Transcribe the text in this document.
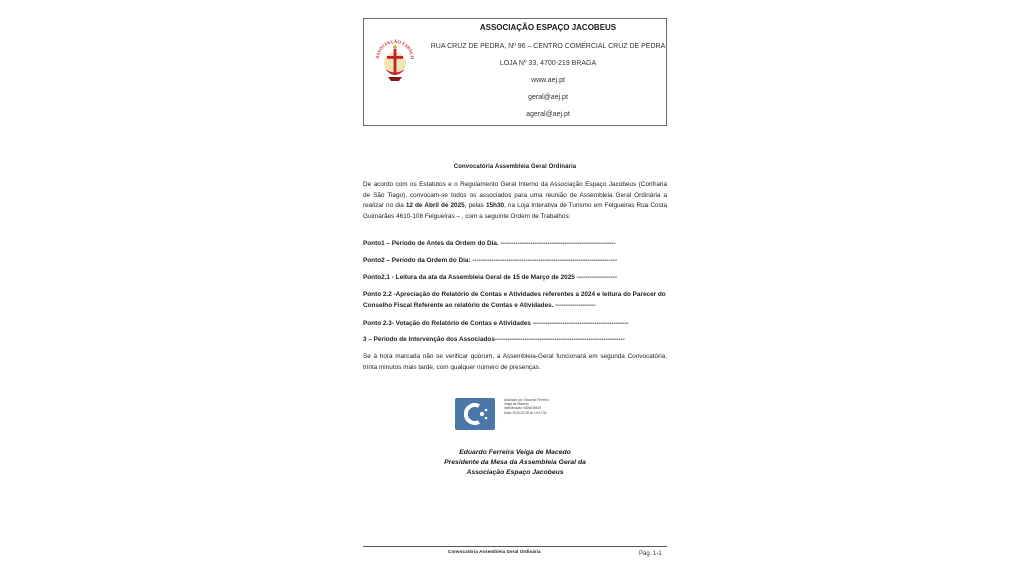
ASSOCIAÇÃO ESPAÇO
ASSOCIAÇÃO ESPAÇO JACOBEUS
RUA CRUZ DE PEDRA, Nº 96 – CENTRO COMERCIAL CRUZ DE PEDRA
LOJA Nº 33, 4700-219 BRAGA
www.aej.pt
geral@aej.pt
ageral@aej.pt
Convocatória Assembleia Geral Ordinária
De acordo com os Estatutos e o Regulamento Geral Interno da Associação Espaço Jacobeus (Confraria de São Tiago), convocam-se todos os associados para uma reunião de Assembleia Geral Ordinária a realizar no dia 12 de Abril de 2025, pelas 15h30, na Loja Interativa de Turismo em Felgueiras Rua Costa Guimarães 4610-108 Felgueiras – , com a seguinte Ordem de Trabalhos:
Ponto1 – Período de Antes da Ordem do Dia. ------------------------------------------------------
Ponto2 – Período da Ordem do Dia: --------------------------------------------------------------------
Ponto2.1 - Leitura da ata da Assembleia Geral de 15 de Março de 2025 -------------------
Ponto 2.2 -Apreciação do Relatório de Contas e Atividades referentes a 2024 e leitura do Parecer do Conselho Fiscal Referente ao relatório de Contas e Atividades. -------------------
Ponto 2.3- Votação do Relatório de Contas e Atividades ---------------------------------------------
3 – Período de Intervenção dos Associados-------------------------------------------------------------
Se à hora marcada não se verificar quórum, a Assembleia-Geral funcionará em segunda Convocatória, trinta minutos mais tarde, com qualquer número de presenças.
Assinado por: Eduardo Ferreira
Veiga de Macedo
Identificação: BI06649449
Data: 2025-03-28 às 14:27:35
Eduardo Ferreira Veiga de Macedo
Presidente da Mesa da Assembleia Geral da
Associação Espaço Jacobeus
Convocatória Assembleia Geral Ordinária	Pág. 1-1
